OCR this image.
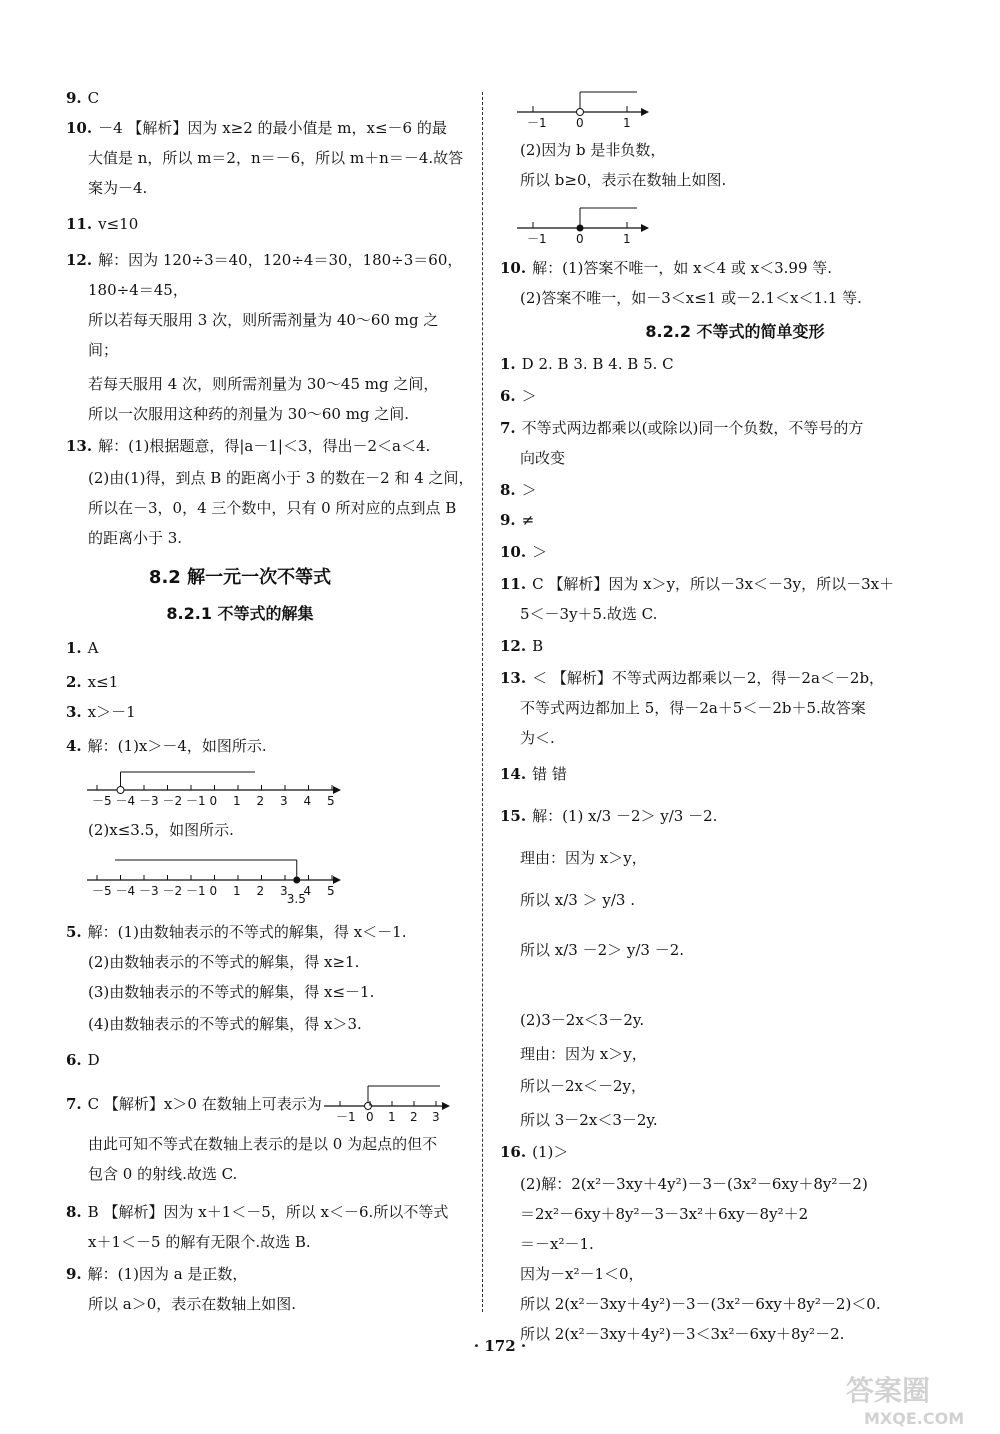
9. C
10. －4 【解析】因为 x≥2 的最小值是 m，x≤－6 的最
大值是 n，所以 m＝2，n＝－6，所以 m＋n＝－4.故答
案为－4.
11. v≤10
12. 解：因为 120÷3＝40，120÷4＝30，180÷3＝60，
180÷4＝45，
所以若每天服用 3 次，则所需剂量为 40～60 mg 之
间；
若每天服用 4 次，则所需剂量为 30～45 mg 之间，
所以一次服用这种药的剂量为 30～60 mg 之间.
13. 解：(1)根据题意，得|a－1|＜3，得出－2＜a＜4.
(2)由(1)得，到点 B 的距离小于 3 的数在－2 和 4 之间，
所以在－3，0，4 三个数中，只有 0 所对应的点到点 B
的距离小于 3.
8.2 解一元一次不等式
8.2.1 不等式的解集
1. A
2. x≤1
3. x＞－1
4. 解：(1)x＞－4，如图所示.
(2)x≤3.5，如图所示.
5. 解：(1)由数轴表示的不等式的解集，得 x＜－1.
(2)由数轴表示的不等式的解集，得 x≥1.
(3)由数轴表示的不等式的解集，得 x≤－1.
(4)由数轴表示的不等式的解集，得 x＞3.
6. D
7. C 【解析】x＞0 在数轴上可表示为
由此可知不等式在数轴上表示的是以 0 为起点的但不
包含 0 的射线.故选 C.
8. B 【解析】因为 x＋1＜－5，所以 x＜－6.所以不等式
x＋1＜－5 的解有无限个.故选 B.
9. 解：(1)因为 a 是正数，
所以 a＞0，表示在数轴上如图.
(2)因为 b 是非负数，
所以 b≥0，表示在数轴上如图.
10. 解：(1)答案不唯一，如 x＜4 或 x＜3.99 等.
(2)答案不唯一，如－3＜x≤1 或－2.1＜x＜1.1 等.
8.2.2 不等式的简单变形
1. D 2. B 3. B 4. B 5. C
6. ＞
7. 不等式两边都乘以(或除以)同一个负数，不等号的方
向改变
8. ＞
9. ≠
10. ＞
11. C 【解析】因为 x＞y，所以－3x＜－3y，所以－3x＋
5＜－3y＋5.故选 C.
12. B
13. ＜ 【解析】不等式两边都乘以－2，得－2a＜－2b，
不等式两边都加上 5，得－2a＋5＜－2b＋5.故答案
为＜.
14. 错 错
15. 解：(1) x/3 －2＞ y/3 －2.
理由：因为 x＞y，
所以 x/3 ＞ y/3 .
所以 x/3 －2＞ y/3 －2.
(2)3－2x＜3－2y.
理由：因为 x＞y，
所以－2x＜－2y，
所以 3－2x＜3－2y.
16. (1)＞
(2)解：2(x²－3xy＋4y²)－3－(3x²－6xy＋8y²－2)
＝2x²－6xy＋8y²－3－3x²＋6xy－8y²＋2
＝－x²－1.
因为－x²－1＜0，
所以 2(x²－3xy＋4y²)－3－(3x²－6xy＋8y²－2)＜0.
所以 2(x²－3xy＋4y²)－3＜3x²－6xy＋8y²－2.
－1 0	1
－1 0	1
－5 －4 －3 －2 －1 0 1 2 3 4 5
－5 －4 －3 －2 －1 0 1 2 3 4 5
3.5
－1 0 1 2 3
· 172 ·
答案圈
MXQE.COM
